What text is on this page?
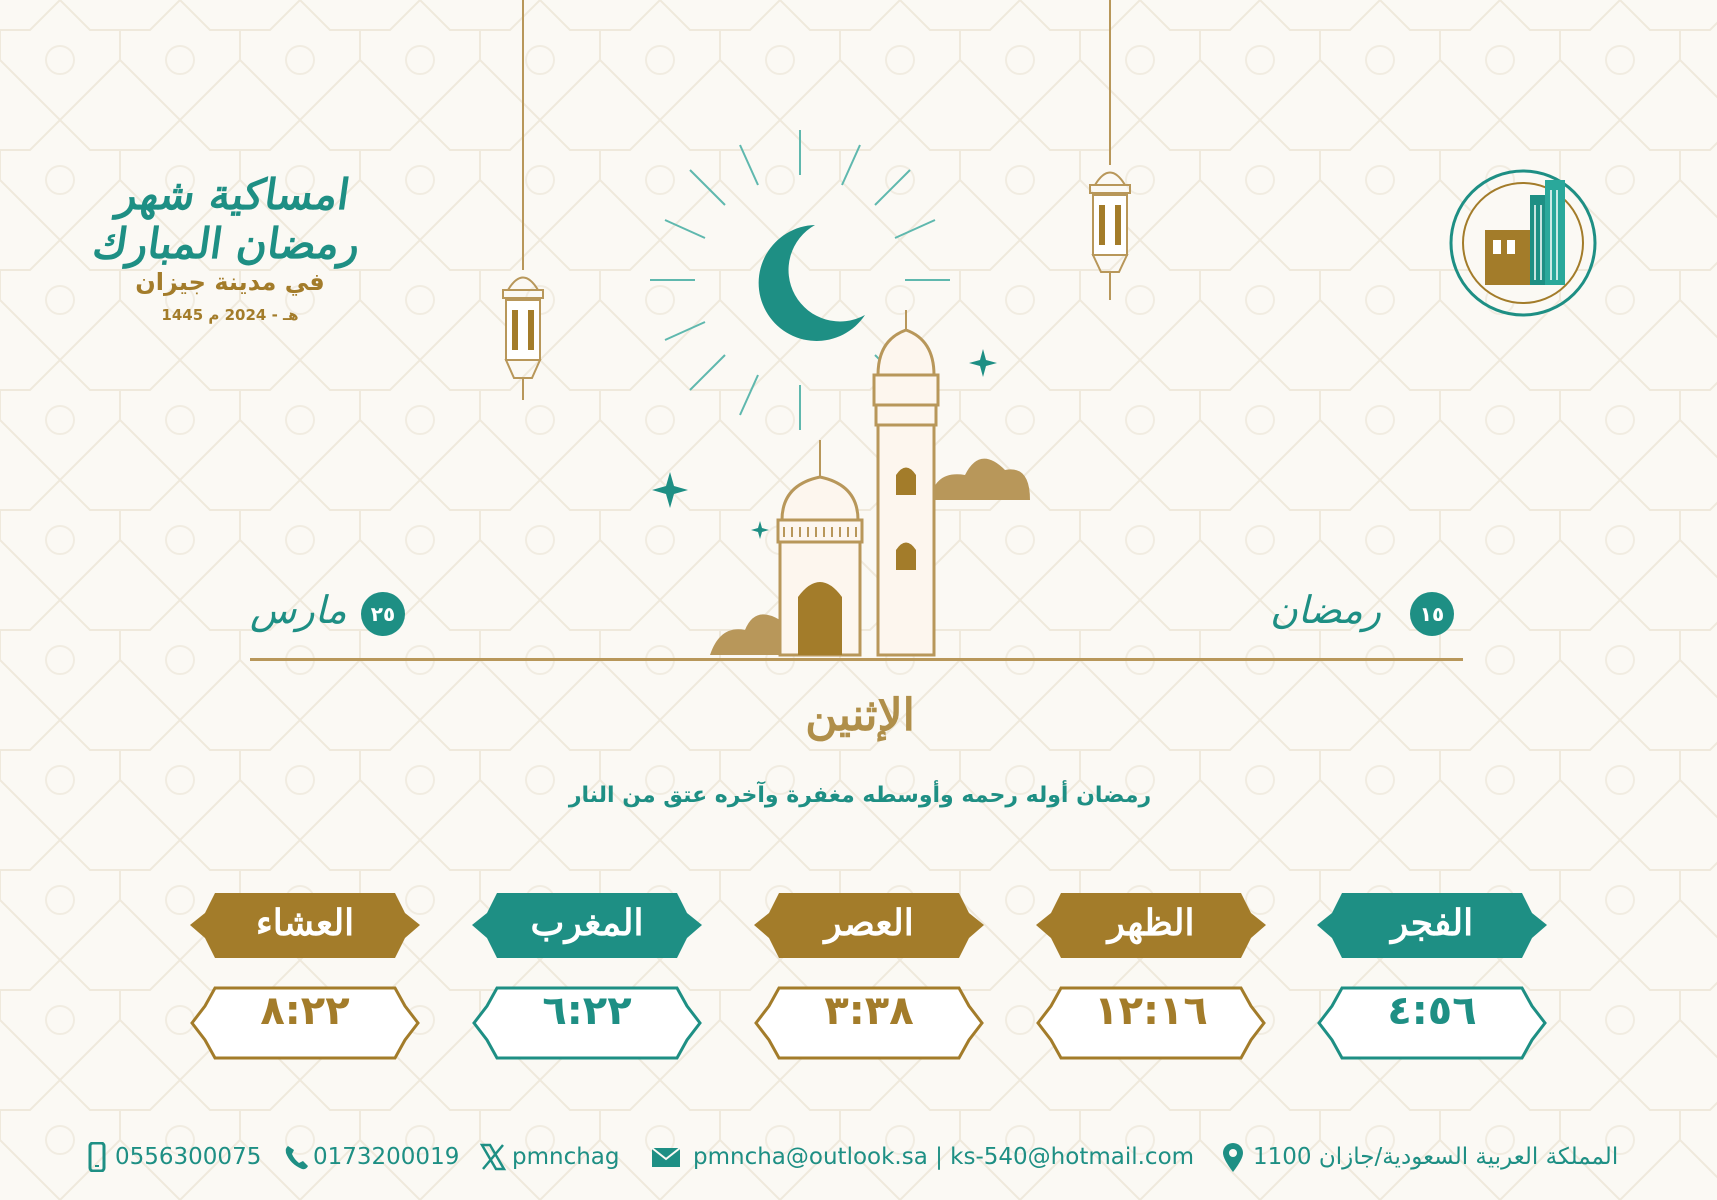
امساكية شهر رمضان المبارك
في مدينة جيزان
1445 هـ - 2024 م
١٥
رمضان
٢٥
مارس
الإثنين
رمضان أوله رحمه وأوسطه مغفرة وآخره عتق من النار
الفجر
٤:٥٦
الظهر
١٢:١٦
العصر
٣:٣٨
المغرب
٦:٢٢
العشاء
٨:٢٢
0556300075 0173200019 pmnchag	pmncha@outlook.sa | ks-540@hotmail.com	المملكة العربية السعودية/جازان 1100
